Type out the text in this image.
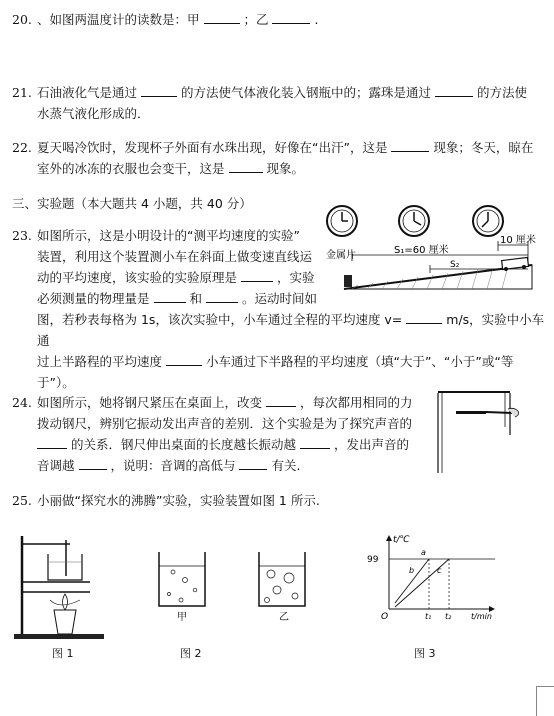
20. 、如图两温度计的读数是：甲	；乙	.
21. 石油液化气是通过	的方法使气体液化装入钢瓶中的；露珠是通过	的方法使
水蒸气液化形成的．
22. 夏天喝冷饮时，发现杯子外面有水珠出现，好像在“出汗”，这是	现象；冬天，晾在
室外的冰冻的衣服也会变干，这是	现象。
三、实验题（本大题共 4 小题，共 40 分）
23. 如图所示，这是小明设计的“测平均速度的实验”
装置，利用这个装置测小车在斜面上做变速直线运
动的平均速度，该实验的实验原理是	，实验
必须测量的物理量是	和	。运动时间如
图，若秒表每格为 1s，该次实验中，小车通过全程的平均速度 v=	m/s，实验中小车通
过上半路程的平均速度	小车通过下半路程的平均速度（填“大于”、“小于”或“等
于”）。
金属片	S₁=60 厘米
S₂
10 厘米
24. 如图所示，她将钢尺紧压在桌面上，改变	，每次都用相同的力
拨动钢尺，辨别它振动发出声音的差别．这个实验是为了探究声音的
的关系．钢尺伸出桌面的长度越长振动越	，发出声音的
音调越	，说明：音调的高低与	有关.
25. 小丽做“探究水的沸腾”实验，实验装置如图 1 所示.
图 1
甲	乙
图 2
99
t/℃
O	t₁ t₂ t/min
a
b	c
图 3
